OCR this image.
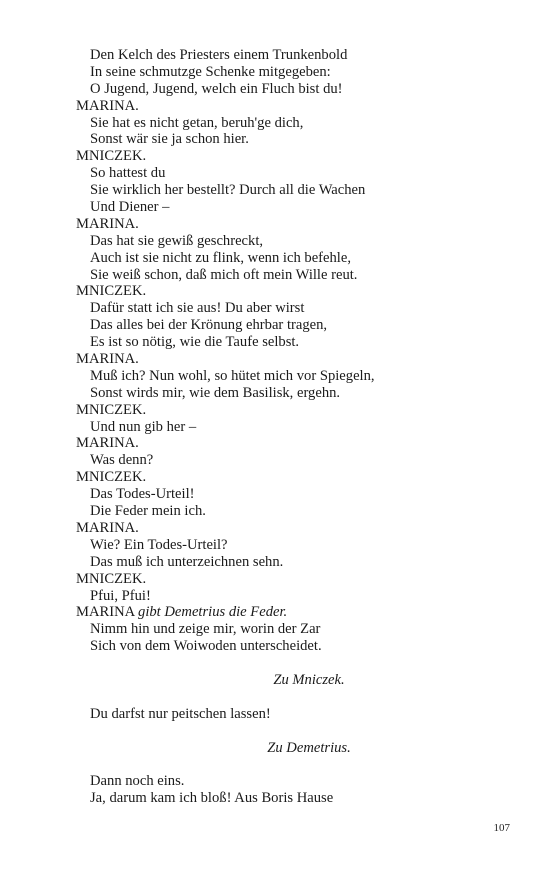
Den Kelch des Priesters einem Trunkenbold
In seine schmutzge Schenke mitgegeben:
O Jugend, Jugend, welch ein Fluch bist du!
MARINA.
Sie hat es nicht getan, beruh'ge dich,
Sonst wär sie ja schon hier.
MNICZEK.
So hattest du
Sie wirklich her bestellt? Durch all die Wachen
Und Diener –
MARINA.
Das hat sie gewiß geschreckt,
Auch ist sie nicht zu flink, wenn ich befehle,
Sie weiß schon, daß mich oft mein Wille reut.
MNICZEK.
Dafür statt ich sie aus! Du aber wirst
Das alles bei der Krönung ehrbar tragen,
Es ist so nötig, wie die Taufe selbst.
MARINA.
Muß ich? Nun wohl, so hütet mich vor Spiegeln,
Sonst wirds mir, wie dem Basilisk, ergehn.
MNICZEK.
Und nun gib her –
MARINA.
Was denn?
MNICZEK.
Das Todes-Urteil!
Die Feder mein ich.
MARINA.
Wie? Ein Todes-Urteil?
Das muß ich unterzeichnen sehn.
MNICZEK.
Pfui, Pfui!
MARINA gibt Demetrius die Feder.
Nimm hin und zeige mir, worin der Zar
Sich von dem Woiwoden unterscheidet.
Zu Mniczek.
Du darfst nur peitschen lassen!
Zu Demetrius.
Dann noch eins.
Ja, darum kam ich bloß! Aus Boris Hause
107
